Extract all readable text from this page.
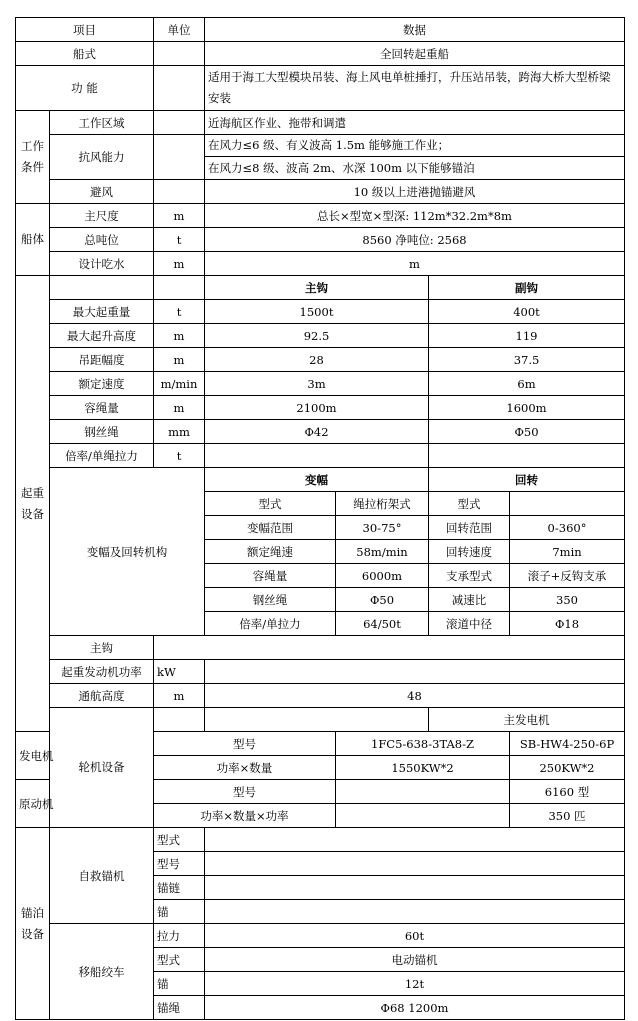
项目		单位	数据				
船式			全回转起重船				
功 能			适用于海工大型模块吊装、海上风电单桩捶打，升压站吊装，跨海大桥大型桥梁安装				
工作条件	工作区域		近海航区作业、拖带和调遣				
	抗风能力		在风力≤6 级、有义波高 1.5m 能够施工作业；				
			在风力≤8 级、波高 2m、水深 100m 以下能够锚泊				
	避风		10 级以上进港抛锚避风				
船体	主尺度	m	总长×型宽×型深: 112m*32.2m*8m				
	总吨位	t	8560 净吨位: 2568				
	设计吃水	m	m				
起重设备			主钩		副钩		
	最大起重量	t	1500t		400t		
	最大起升高度	m	92.5		119		
	吊距幅度	m	28		37.5		
	额定速度	m/min	3m		6m		
	容绳量	m	2100m		1600m		
	钢丝绳	mm	Φ42		Φ50		
	倍率/单绳拉力	t					
	变幅及回转机构		变幅		回转		
			型式	绳拉桁架式	型式		
			变幅范围	30-75°	回转范围	0-360°	
			额定绳速	58m/min	回转速度	7min	
			容绳量	6000m	支承型式	滚子+反钩支承	
			钢丝绳	Φ50	减速比	350	
			倍率/单拉力	64/50t	滚道中径	Φ18	
	主钩						
	起重发动机功率	kW					
	通航高度	m	48				
	轮机设备				主发电机	
发电机		型号		1FC5-638-3TA8-Z		SB-HW4-250-6P	
		功率×数量		1550KW*2		250KW*2	
原动机		型号				6160 型	
		功率×数量×功率				350 匹	
锚泊设备	自救锚机	型式					
		型号					
		锚链					
		锚					
	移船绞车	拉力	60t				
		型式	电动锚机				
		锚	12t				
		锚绳	Φ68 1200m				
